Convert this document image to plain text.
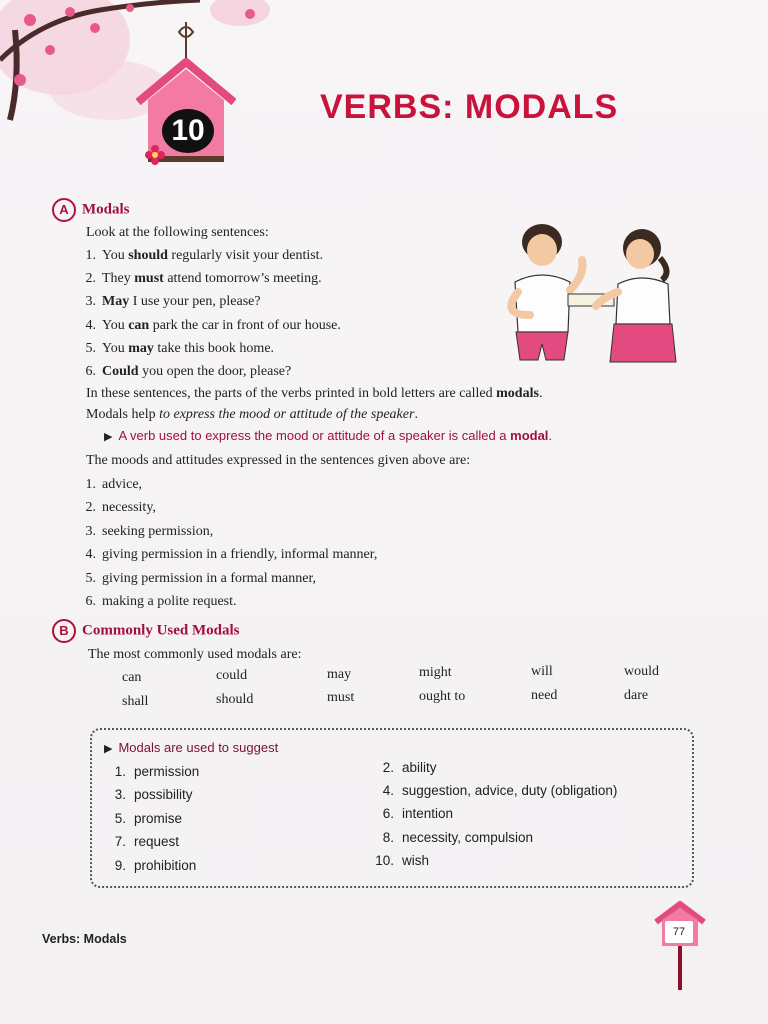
10
VERBS: MODALS
A Modals
Look at the following sentences:
1. You should regularly visit your dentist.
2. They must attend tomorrow’s meeting.
3. May I use your pen, please?
4. You can park the car in front of our house.
5. You may take this book home.
6. Could you open the door, please?
In these sentences, the parts of the verbs printed in bold letters are called modals.
Modals help to express the mood or attitude of the speaker.
▶ A verb used to express the mood or attitude of a speaker is called a modal.
The moods and attitudes expressed in the sentences given above are:
1. advice,
2. necessity,
3. seeking permission,
4. giving permission in a friendly, informal manner,
5. giving permission in a formal manner,
6. making a polite request.
B Commonly Used Modals
The most commonly used modals are:
can	could	may	might	will	would
shall	should	must	ought to	need	dare
▶ Modals are used to suggest
1. permission
3. possibility
5. promise
7. request
9. prohibition
2. ability
4. suggestion, advice, duty (obligation)
6. intention
8. necessity, compulsion
10. wish
Verbs: Modals	77
